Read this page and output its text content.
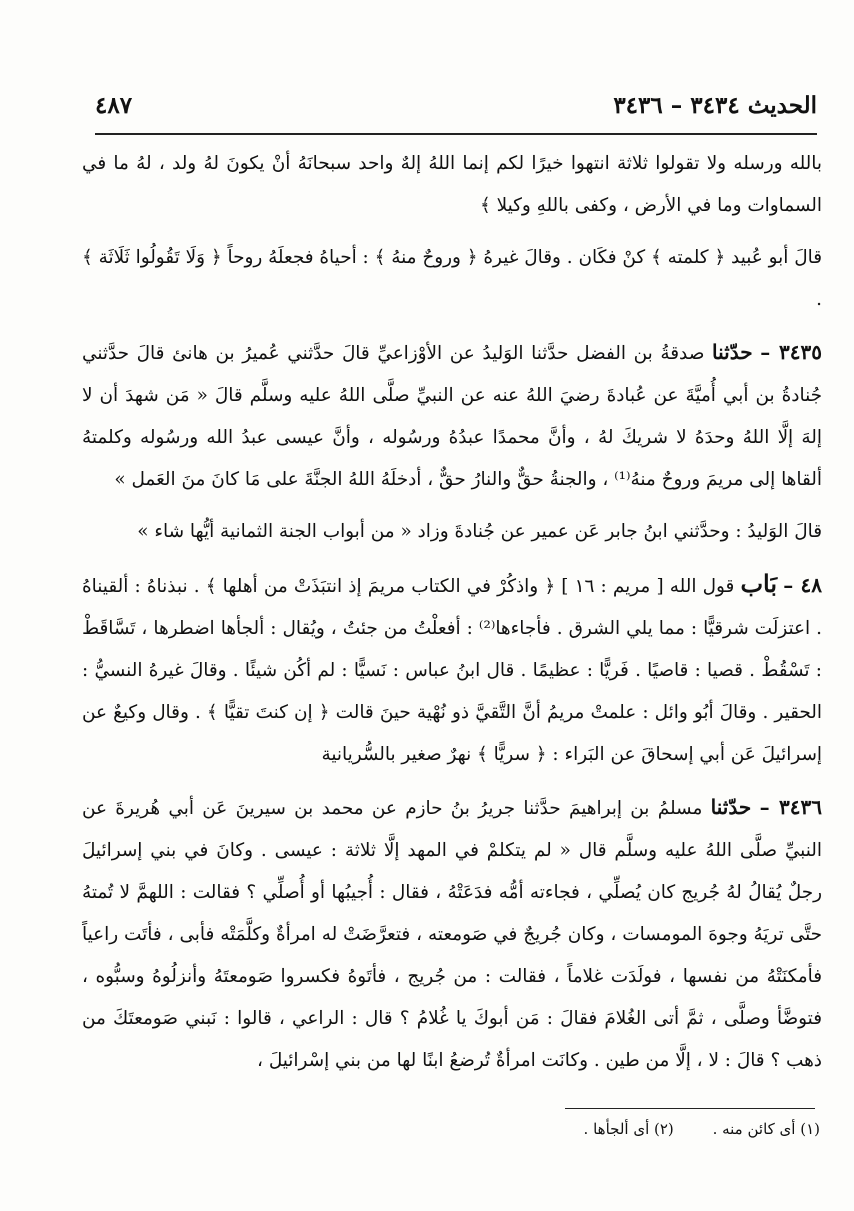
الحديث ٣٤٣٤ – ٣٤٣٦
٤٨٧

بالله ورسله ولا تقولوا ثلاثة انتهوا خيرًا لكم إنما اللهُ إلهٌ واحد سبحانَهُ أنْ يكونَ لهُ ولد ، لهُ ما في السماوات وما في الأرض ، وكفى باللهِ وكيلا ﴾

قالَ أبو عُبيد ﴿ كلمته ﴾ كنْ فكَان . وقالَ غيرهُ ﴿ وروحٌ منهُ ﴾ : أحياهُ فجعلَهُ روحاً ﴿ وَلَا تَقُولُوا ثَلَاثَة ﴾ .

٣٤٣٥ – حدّثنا صدقةُ بن الفضل حدَّثنا الوَليدُ عن الأوْزاعيِّ قالَ حدَّثني عُميرُ بن هانئ قالَ حدَّثني جُنادةُ بن أبي أُميَّةَ عن عُبادةَ رضيَ اللهُ عنه عن النبيِّ صلَّى اللهُ عليه وسلَّم قالَ « مَن شهدَ أن لا إلهَ إلَّا اللهُ وحدَهُ لا شريكَ لهُ ، وأنَّ محمدًا عبدُهُ ورسُوله ، وأنَّ عيسى عبدُ الله ورسُوله وكلمتهُ ألقاها إلى مريمَ وروحٌ منهُ⁽¹⁾ ، والجنةُ حقٌّ والنارُ حقٌّ ، أدخلَهُ اللهُ الجنَّةَ على مَا كانَ منَ العَمل »

قالَ الوَليدُ : وحدَّثني ابنُ جابر عَن عمير عن جُنادةَ وزاد « من أبواب الجنة الثمانية أيُّها شاء »

٤٨ – بَاب قول الله [ مريم : ١٦ ] ﴿ واذكُرْ في الكتاب مريمَ إذ انتبَذَتْ من أهلها ﴾ . نبذناهُ : ألقيناهُ . اعتزلَت شرقيًّا : مما يلي الشرق . فأجاءها⁽²⁾ : أفعلْتُ من جئتُ ، ويُقال : ألجأها اضطرها ، تَسَّاقَطْ : تَسْقُطْ . قصيا : قاصيًا . فَريًّا : عظيمًا . قال ابنُ عباس : نَسيًّا : لم أكُن شيئًا . وقالَ غيرهُ النسيُّ : الحقير . وقالَ أبُو وائل : علمتْ مريمُ أنَّ التَّقيَّ ذو نُهْية حينَ قالت ﴿ إن كنتَ تقيًّا ﴾ . وقال وكيعٌ عن إسرائيلَ عَن أبي إسحاقَ عن البَراء : ﴿ سريًّا ﴾ نهرٌ صغير بالسُّريانية

٣٤٣٦ – حدّثنا مسلمُ بن إبراهيمَ حدَّثنا جريرُ بنُ حازم عن محمد بن سيرينَ عَن أبي هُريرةَ عن النبيِّ صلَّى اللهُ عليه وسلَّم قال « لم يتكلمْ في المهد إلَّا ثلاثة : عيسى . وكانَ في بني إسرائيلَ رجلٌ يُقالُ لهُ جُريج كان يُصلِّي ، فجاءته أمُّه فدَعَتْهُ ، فقال : أُجيبُها أو أُصلِّي ؟ فقالت : اللهمَّ لا تُمتهُ حتَّى تريَهُ وجوهَ المومسات ، وكان جُريجٌ في صَومعته ، فتعرَّضَتْ له امرأةٌ وكلَّمَتْه فأبى ، فأتَت راعياً فأمكنَتْهُ من نفسها ، فولَدَت غلاماً ، فقالت : من جُريج ، فأتَوهُ فكسروا صَومعتَهُ وأنزلُوهُ وسبُّوه ، فتوضَّأ وصلَّى ، ثمَّ أتى الغُلامَ فقالَ : مَن أبوكَ يا غُلامُ ؟ قال : الراعي ، قالوا : نَبني صَومعتَكَ من ذهب ؟ قالَ : لا ، إلَّا من طين . وكانَت امرأةٌ تُرضعُ ابنًا لها من بني إسْرائيلَ ،

(١) أى كائن منه . (٢) أى ألجأها .
